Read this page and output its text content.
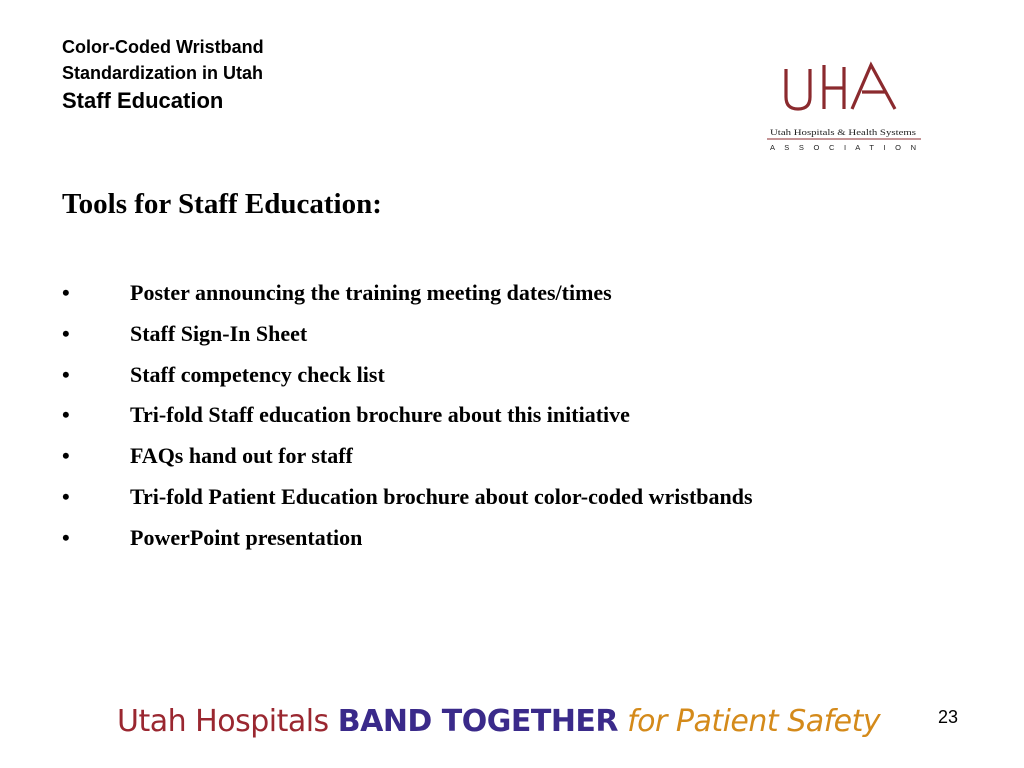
Color-Coded Wristband
Standardization in Utah
Staff Education
Utah Hospitals & Health Systems
A S S O C I A T I O N
Tools for Staff Education:
•	Poster announcing the training meeting dates/times
•	Staff Sign-In Sheet
•	Staff competency check list
•	Tri-fold Staff education brochure about this initiative
•	FAQs hand out for staff
•	Tri-fold Patient Education brochure about color-coded wristbands
•	PowerPoint presentation
Utah Hospitals BAND TOGETHER for Patient Safety	23
